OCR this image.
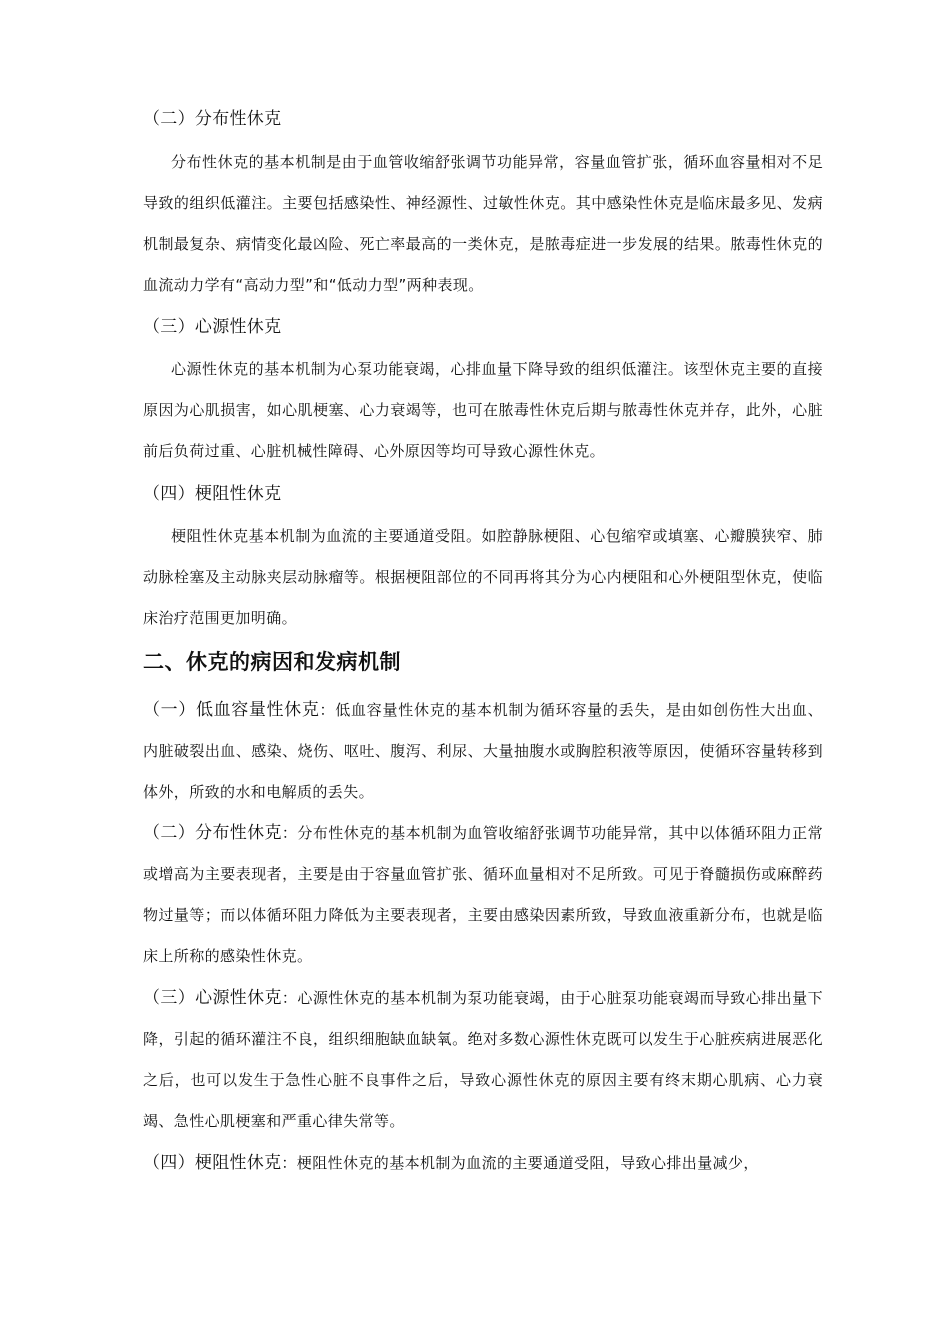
（二）分布性休克

分布性休克的基本机制是由于血管收缩舒张调节功能异常，容量血管扩张，循环血容量相对不足导致的组织低灌注。主要包括感染性、神经源性、过敏性休克。其中感染性休克是临床最多见、发病机制最复杂、病情变化最凶险、死亡率最高的一类休克，是脓毒症进一步发展的结果。脓毒性休克的血流动力学有“高动力型”和“低动力型”两种表现。

（三）心源性休克

心源性休克的基本机制为心泵功能衰竭，心排血量下降导致的组织低灌注。该型休克主要的直接原因为心肌损害，如心肌梗塞、心力衰竭等，也可在脓毒性休克后期与脓毒性休克并存，此外，心脏前后负荷过重、心脏机械性障碍、心外原因等均可导致心源性休克。

（四）梗阻性休克

梗阻性休克基本机制为血流的主要通道受阻。如腔静脉梗阻、心包缩窄或填塞、心瓣膜狭窄、肺动脉栓塞及主动脉夹层动脉瘤等。根据梗阻部位的不同再将其分为心内梗阻和心外梗阻型休克，使临床治疗范围更加明确。

二、休克的病因和发病机制

（一）低血容量性休克：低血容量性休克的基本机制为循环容量的丢失，是由如创伤性大出血、内脏破裂出血、感染、烧伤、呕吐、腹泻、利尿、大量抽腹水或胸腔积液等原因，使循环容量转移到体外，所致的水和电解质的丢失。

（二）分布性休克：分布性休克的基本机制为血管收缩舒张调节功能异常，其中以体循环阻力正常或增高为主要表现者，主要是由于容量血管扩张、循环血量相对不足所致。可见于脊髓损伤或麻醉药物过量等；而以体循环阻力降低为主要表现者，主要由感染因素所致，导致血液重新分布，也就是临床上所称的感染性休克。

（三）心源性休克：心源性休克的基本机制为泵功能衰竭，由于心脏泵功能衰竭而导致心排出量下降，引起的循环灌注不良，组织细胞缺血缺氧。绝对多数心源性休克既可以发生于心脏疾病进展恶化之后，也可以发生于急性心脏不良事件之后，导致心源性休克的原因主要有终末期心肌病、心力衰竭、急性心肌梗塞和严重心律失常等。

（四）梗阻性休克：梗阻性休克的基本机制为血流的主要通道受阻，导致心排出量减少，
